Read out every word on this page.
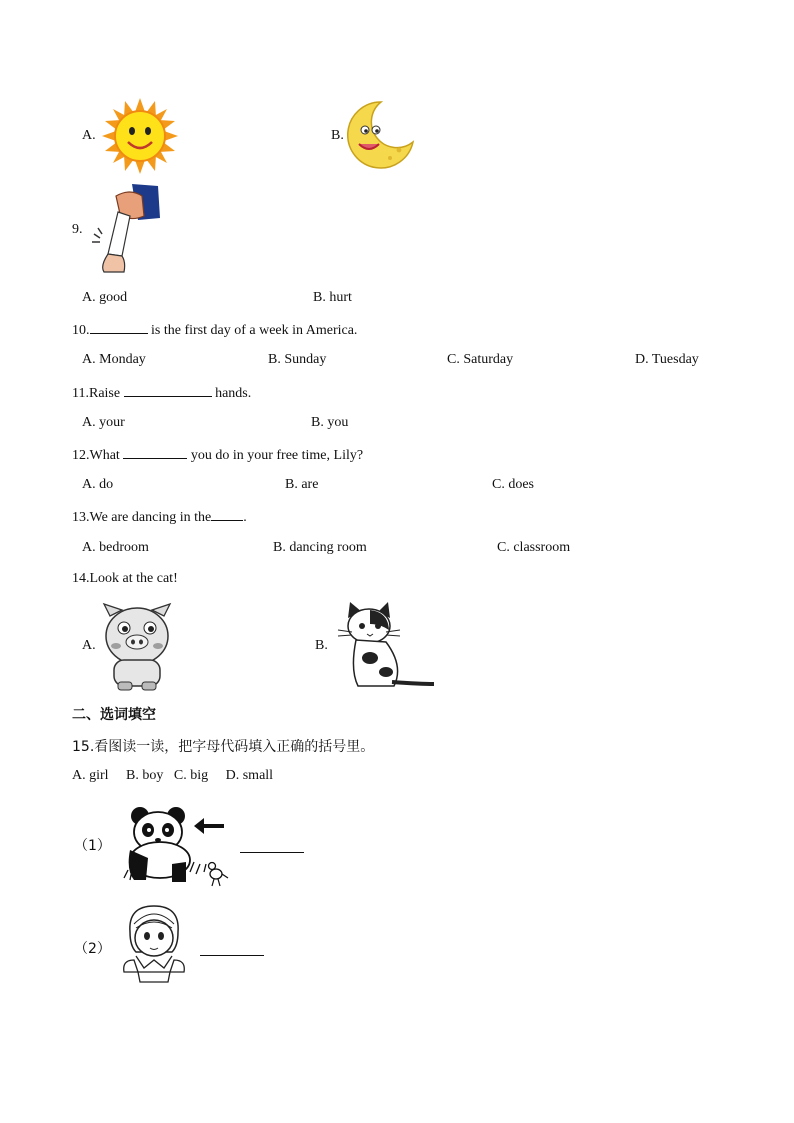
A.	B.
9.
A. good	B. hurt
10.	is the first day of a week in America.
A. Monday	B. Sunday	C. Saturday	D. Tuesday
11.Raise	hands.
A. your	B. you
12.What	you do in your free time, Lily?
A. do	B. are	C. does
13.We are dancing in the .
A. bedroom	B. dancing room	C. classroom
14.Look at the cat!
A.	B.
二、选词填空
15.看图读一读，把字母代码填入正确的括号里。
A. girl     B. boy   C. big     D. small
（1）
（2）
